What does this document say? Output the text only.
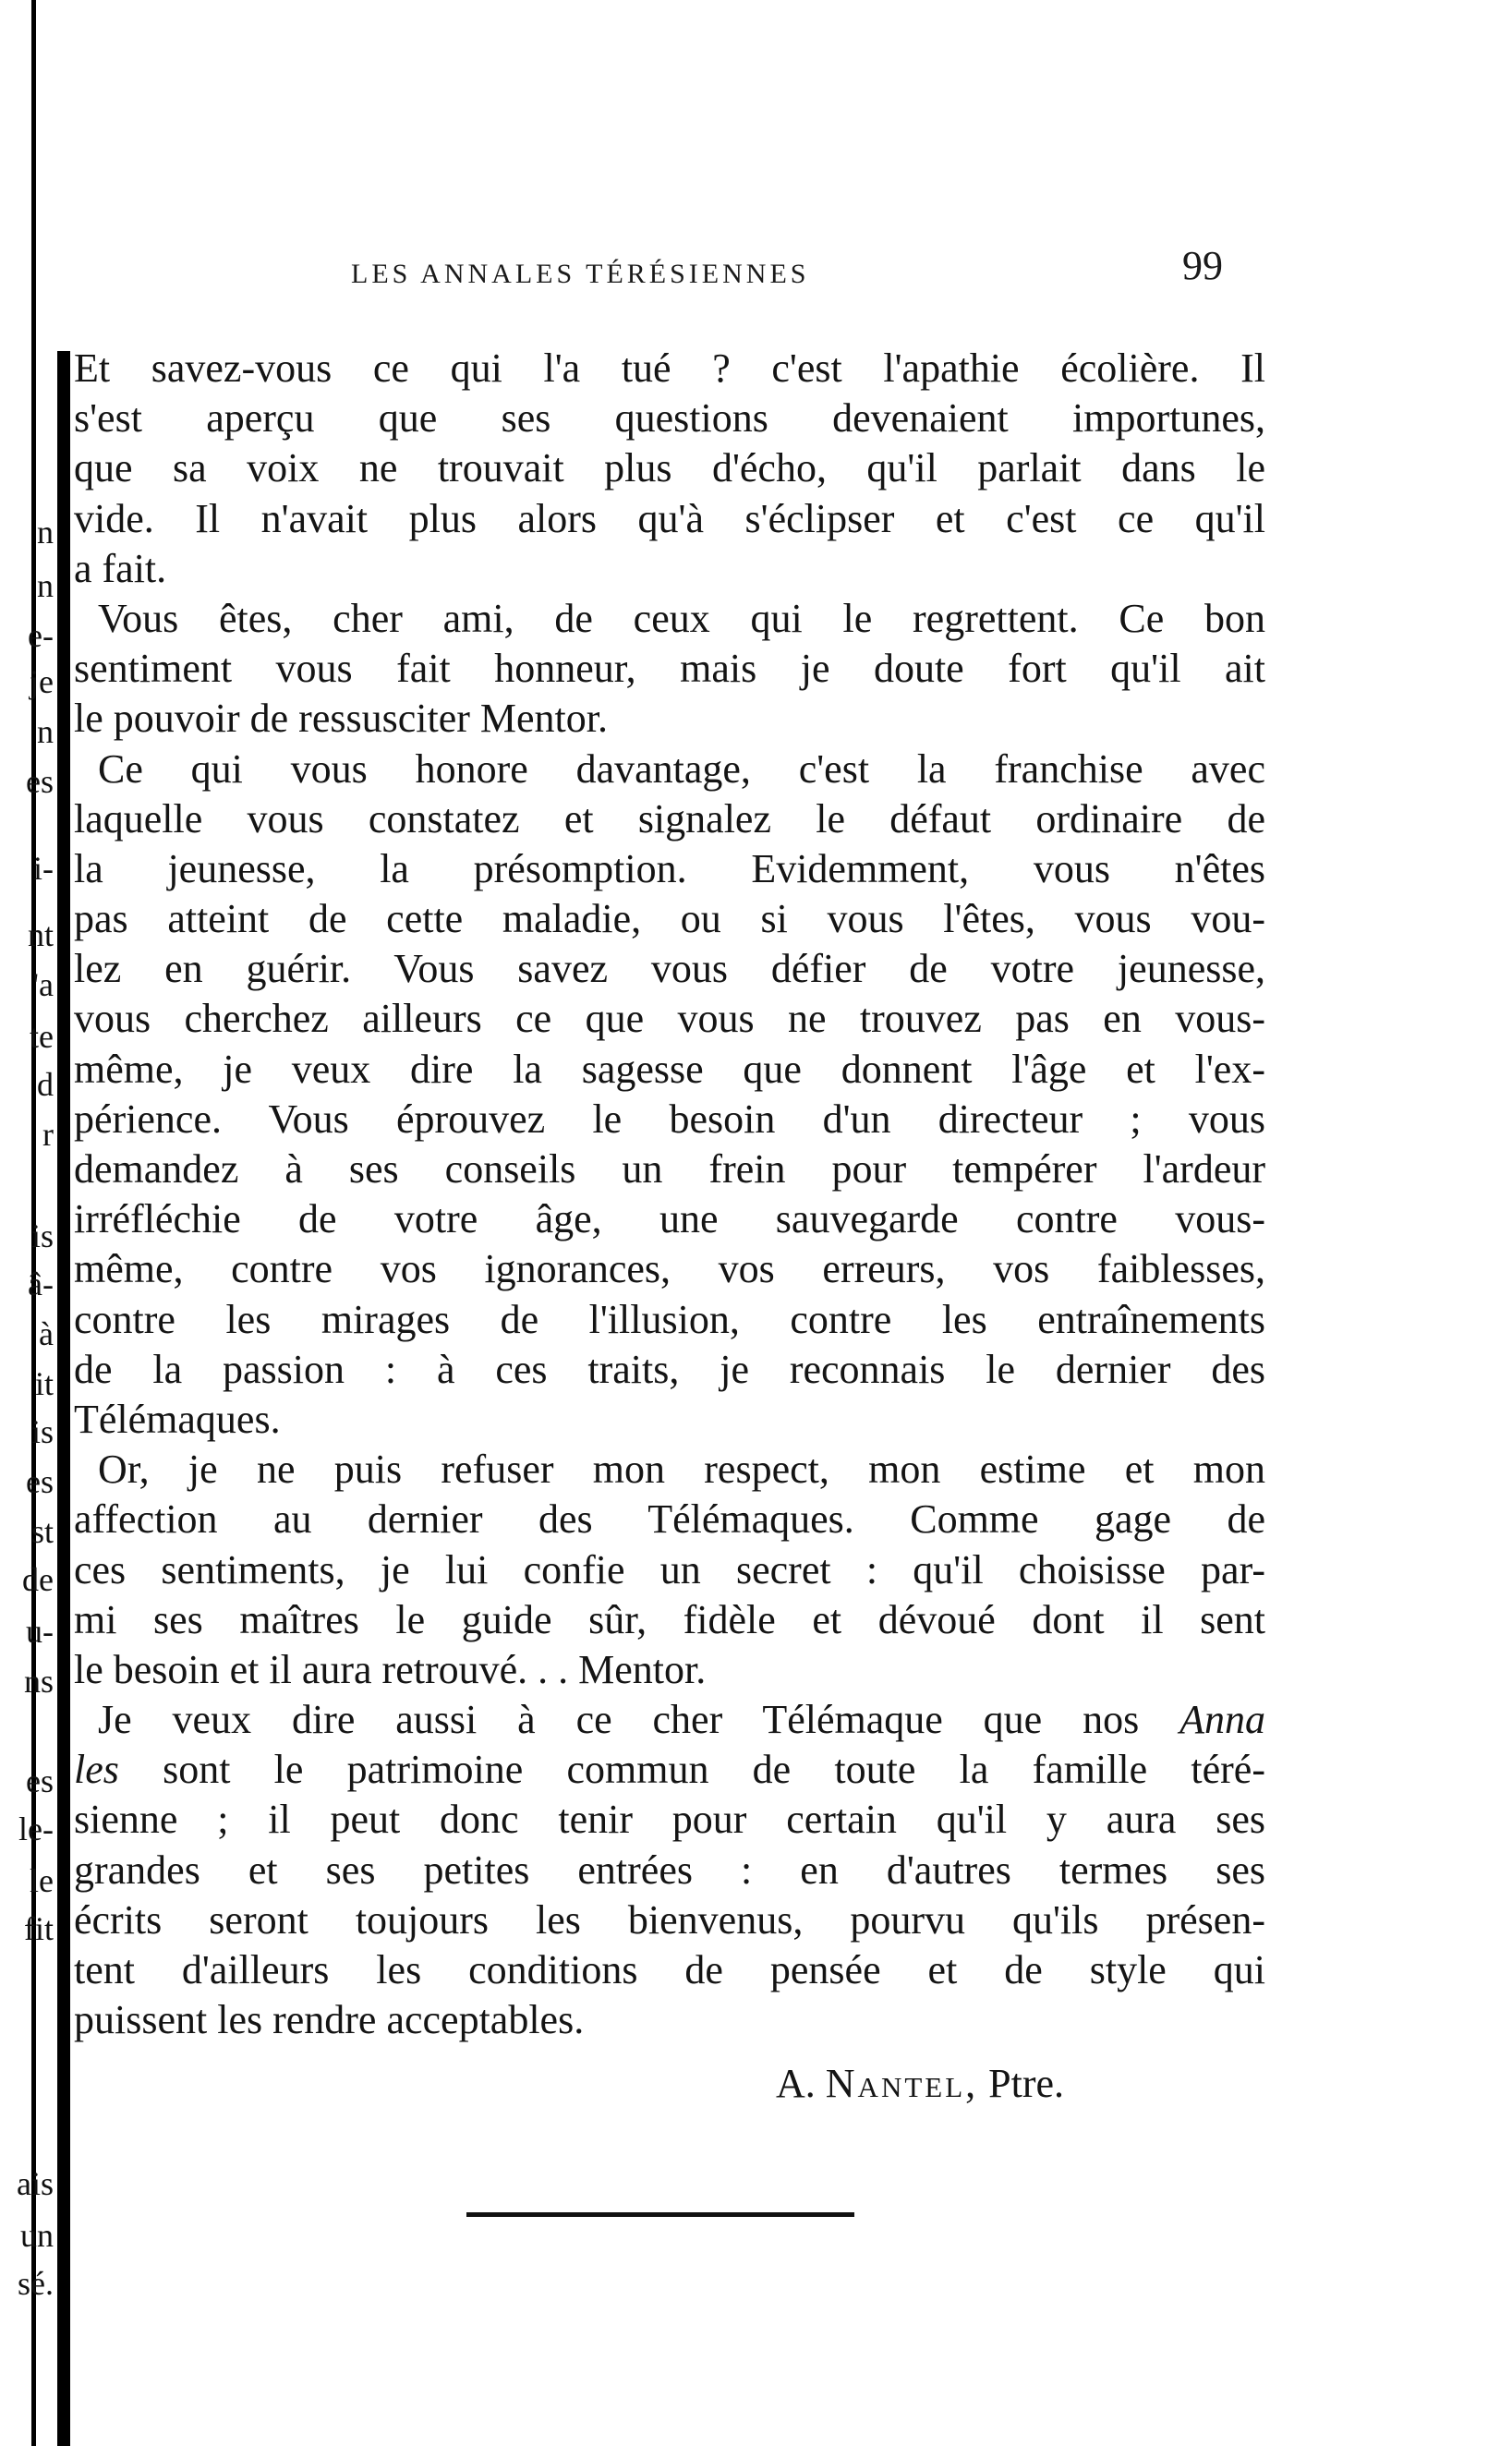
n
n
e-
je
n
es
i-
nt
'a
te
d
r
is
â-
à
it
is
es
st
de
u-
ns
es
le-
le
fit
ais
un
sé.
LES ANNALES TÉRÉSIENNES	99
Et savez-vous ce qui l'a tué ? c'est l'apathie écolière. Il
s'est aperçu que ses questions devenaient importunes,
que sa voix ne trouvait plus d'écho, qu'il parlait dans le
vide. Il n'avait plus alors qu'à s'éclipser et c'est ce qu'il
a fait.
Vous êtes, cher ami, de ceux qui le regrettent. Ce bon
sentiment vous fait honneur, mais je doute fort qu'il ait
le pouvoir de ressusciter Mentor.
Ce qui vous honore davantage, c'est la franchise avec
laquelle vous constatez et signalez le défaut ordinaire de
la jeunesse, la présomption. Evidemment, vous n'êtes
pas atteint de cette maladie, ou si vous l'êtes, vous vou-
lez en guérir. Vous savez vous défier de votre jeunesse,
vous cherchez ailleurs ce que vous ne trouvez pas en vous-
même, je veux dire la sagesse que donnent l'âge et l'ex-
périence. Vous éprouvez le besoin d'un directeur ; vous
demandez à ses conseils un frein pour tempérer l'ardeur
irréfléchie de votre âge, une sauvegarde contre vous-
même, contre vos ignorances, vos erreurs, vos faiblesses,
contre les mirages de l'illusion, contre les entraînements
de la passion : à ces traits, je reconnais le dernier des
Télémaques.
Or, je ne puis refuser mon respect, mon estime et mon
affection au dernier des Télémaques. Comme gage de
ces sentiments, je lui confie un secret : qu'il choisisse par-
mi ses maîtres le guide sûr, fidèle et dévoué dont il sent
le besoin et il aura retrouvé. . . Mentor.
Je veux dire aussi à ce cher Télémaque que nos Anna
les sont le patrimoine commun de toute la famille téré-
sienne ; il peut donc tenir pour certain qu'il y aura ses
grandes et ses petites entrées : en d'autres termes ses
écrits seront toujours les bienvenus, pourvu qu'ils présen-
tent d'ailleurs les conditions de pensée et de style qui
puissent les rendre acceptables.
A. Nantel, Ptre.
